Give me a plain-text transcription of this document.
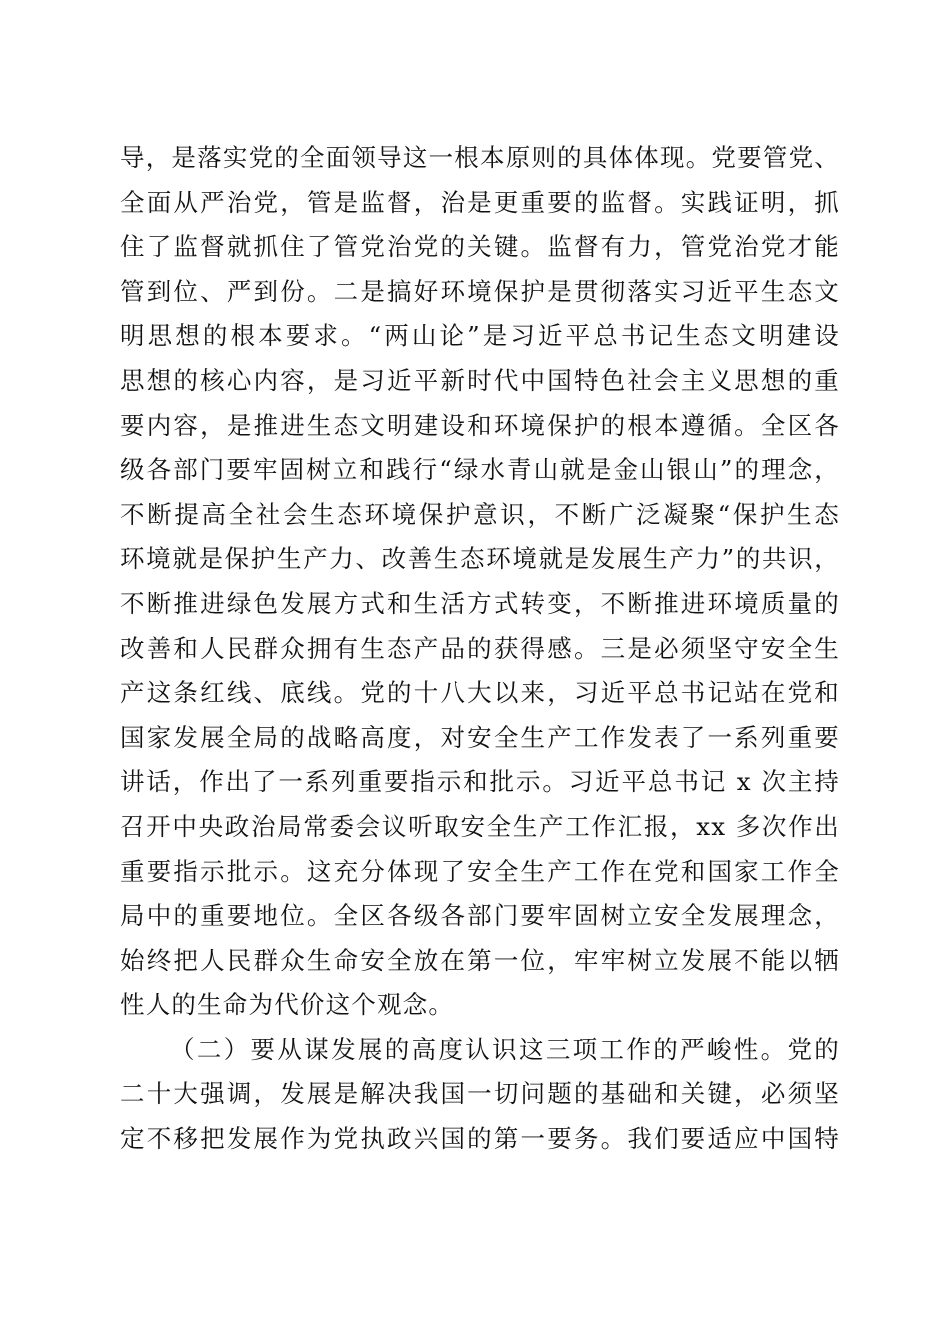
导，是落实党的全面领导这一根本原则的具体体现。党要管党、
全面从严治党，管是监督，治是更重要的监督。实践证明，抓
住了监督就抓住了管党治党的关键。监督有力，管党治党才能
管到位、严到份。二是搞好环境保护是贯彻落实习近平生态文
明思想的根本要求。“两山论”是习近平总书记生态文明建设
思想的核心内容，是习近平新时代中国特色社会主义思想的重
要内容，是推进生态文明建设和环境保护的根本遵循。全区各
级各部门要牢固树立和践行“绿水青山就是金山银山”的理念，
不断提高全社会生态环境保护意识，不断广泛凝聚“保护生态
环境就是保护生产力、改善生态环境就是发展生产力”的共识，
不断推进绿色发展方式和生活方式转变，不断推进环境质量的
改善和人民群众拥有生态产品的获得感。三是必须坚守安全生
产这条红线、底线。党的十八大以来，习近平总书记站在党和
国家发展全局的战略高度，对安全生产工作发表了一系列重要
讲话，作出了一系列重要指示和批示。习近平总书记 x 次主持
召开中央政治局常委会议听取安全生产工作汇报，xx 多次作出
重要指示批示。这充分体现了安全生产工作在党和国家工作全
局中的重要地位。全区各级各部门要牢固树立安全发展理念，
始终把人民群众生命安全放在第一位，牢牢树立发展不能以牺
性人的生命为代价这个观念。
（二）要从谋发展的高度认识这三项工作的严峻性。党的
二十大强调，发展是解决我国一切问题的基础和关键，必须坚
定不移把发展作为党执政兴国的第一要务。我们要适应中国特
